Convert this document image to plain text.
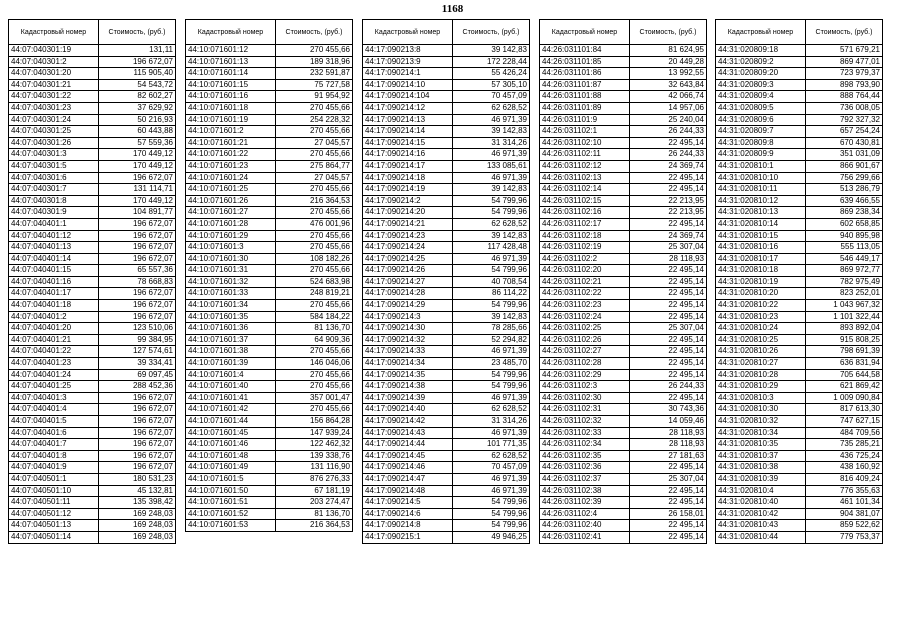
1168
Кадастровый номер	Стоимость, (руб.)
44:07:040301:19	131,11
44:07:040301:2	196 672,07
44:07:040301:20	115 905,40
44:07:040301:21	54 543,72
44:07:040301:22	82 602,27
44:07:040301:23	37 629,92
44:07:040301:24	50 216,93
44:07:040301:25	60 443,88
44:07:040301:26	57 559,36
44:07:040301:3	170 449,12
44:07:040301:5	170 449,12
44:07:040301:6	196 672,07
44:07:040301:7	131 114,71
44:07:040301:8	170 449,12
44:07:040301:9	104 891,77
44:07:040401:1	196 672,07
44:07:040401:12	196 672,07
44:07:040401:13	196 672,07
44:07:040401:14	196 672,07
44:07:040401:15	65 557,36
44:07:040401:16	78 668,83
44:07:040401:17	196 672,07
44:07:040401:18	196 672,07
44:07:040401:2	196 672,07
44:07:040401:20	123 510,06
44:07:040401:21	99 384,95
44:07:040401:22	127 574,61
44:07:040401:23	39 334,41
44:07:040401:24	69 097,45
44:07:040401:25	288 452,36
44:07:040401:3	196 672,07
44:07:040401:4	196 672,07
44:07:040401:5	196 672,07
44:07:040401:6	196 672,07
44:07:040401:7	196 672,07
44:07:040401:8	196 672,07
44:07:040401:9	196 672,07
44:07:040501:1	180 531,23
44:07:040501:10	45 132,81
44:07:040501:11	135 398,42
44:07:040501:12	169 248,03
44:07:040501:13	169 248,03
44:07:040501:14	169 248,03
Кадастровый номер	Стоимость, (руб.)
44:10:071601:12	270 455,66
44:10:071601:13	189 318,96
44:10:071601:14	232 591,87
44:10:071601:15	75 727,58
44:10:071601:16	91 954,92
44:10:071601:18	270 455,66
44:10:071601:19	254 228,32
44:10:071601:2	270 455,66
44:10:071601:21	27 045,57
44:10:071601:22	270 455,66
44:10:071601:23	275 864,77
44:10:071601:24	27 045,57
44:10:071601:25	270 455,66
44:10:071601:26	216 364,53
44:10:071601:27	270 455,66
44:10:071601:28	476 001,96
44:10:071601:29	270 455,66
44:10:071601:3	270 455,66
44:10:071601:30	108 182,26
44:10:071601:31	270 455,66
44:10:071601:32	524 683,98
44:10:071601:33	248 819,21
44:10:071601:34	270 455,66
44:10:071601:35	584 184,22
44:10:071601:36	81 136,70
44:10:071601:37	64 909,36
44:10:071601:38	270 455,66
44:10:071601:39	146 046,06
44:10:071601:4	270 455,66
44:10:071601:40	270 455,66
44:10:071601:41	357 001,47
44:10:071601:42	270 455,66
44:10:071601:44	156 864,28
44:10:071601:45	147 939,24
44:10:071601:46	122 462,32
44:10:071601:48	139 338,76
44:10:071601:49	131 116,90
44:10:071601:5	876 276,33
44:10:071601:50	67 181,19
44:10:071601:51	203 274,47
44:10:071601:52	81 136,70
44:10:071601:53	216 364,53
Кадастровый номер	Стоимость, (руб.)
44:17:090213:8	39 142,83
44:17:090213:9	172 228,44
44:17:090214:1	55 426,24
44:17:090214:10	57 305,10
44:17:090214:104	70 457,09
44:17:090214:12	62 628,52
44:17:090214:13	46 971,39
44:17:090214:14	39 142,83
44:17:090214:15	31 314,26
44:17:090214:16	46 971,39
44:17:090214:17	133 085,61
44:17:090214:18	46 971,39
44:17:090214:19	39 142,83
44:17:090214:2	54 799,96
44:17:090214:20	54 799,96
44:17:090214:21	62 628,52
44:17:090214:23	39 142,83
44:17:090214:24	117 428,48
44:17:090214:25	46 971,39
44:17:090214:26	54 799,96
44:17:090214:27	40 708,54
44:17:090214:28	86 114,22
44:17:090214:29	54 799,96
44:17:090214:3	39 142,83
44:17:090214:30	78 285,66
44:17:090214:32	52 294,82
44:17:090214:33	46 971,39
44:17:090214:34	23 485,70
44:17:090214:35	54 799,96
44:17:090214:38	54 799,96
44:17:090214:39	46 971,39
44:17:090214:40	62 628,52
44:17:090214:42	31 314,26
44:17:090214:43	46 971,39
44:17:090214:44	101 771,35
44:17:090214:45	62 628,52
44:17:090214:46	70 457,09
44:17:090214:47	46 971,39
44:17:090214:48	46 971,39
44:17:090214:5	54 799,96
44:17:090214:6	54 799,96
44:17:090214:8	54 799,96
44:17:090215:1	49 946,25
Кадастровый номер	Стоимость, (руб.)
44:26:031101:84	81 624,95
44:26:031101:85	20 449,28
44:26:031101:86	13 992,55
44:26:031101:87	32 643,84
44:26:031101:88	42 066,74
44:26:031101:89	14 957,06
44:26:031101:9	25 240,04
44:26:031102:1	26 244,33
44:26:031102:10	22 495,14
44:26:031102:11	26 244,33
44:26:031102:12	24 369,74
44:26:031102:13	22 495,14
44:26:031102:14	22 495,14
44:26:031102:15	22 213,95
44:26:031102:16	22 213,95
44:26:031102:17	22 495,14
44:26:031102:18	24 369,74
44:26:031102:19	25 307,04
44:26:031102:2	28 118,93
44:26:031102:20	22 495,14
44:26:031102:21	22 495,14
44:26:031102:22	22 495,14
44:26:031102:23	22 495,14
44:26:031102:24	22 495,14
44:26:031102:25	25 307,04
44:26:031102:26	22 495,14
44:26:031102:27	22 495,14
44:26:031102:28	22 495,14
44:26:031102:29	22 495,14
44:26:031102:3	26 244,33
44:26:031102:30	22 495,14
44:26:031102:31	30 743,36
44:26:031102:32	14 059,46
44:26:031102:33	28 118,93
44:26:031102:34	28 118,93
44:26:031102:35	27 181,63
44:26:031102:36	22 495,14
44:26:031102:37	25 307,04
44:26:031102:38	22 495,14
44:26:031102:39	22 495,14
44:26:031102:4	26 158,01
44:26:031102:40	22 495,14
44:26:031102:41	22 495,14
Кадастровый номер	Стоимость, (руб.)
44:31:020809:18	571 679,21
44:31:020809:2	869 477,01
44:31:020809:20	723 979,37
44:31:020809:3	898 793,90
44:31:020809:4	888 764,44
44:31:020809:5	736 008,05
44:31:020809:6	792 327,32
44:31:020809:7	657 254,24
44:31:020809:8	670 430,81
44:31:020809:9	351 031,09
44:31:020810:1	866 901,67
44:31:020810:10	756 299,66
44:31:020810:11	513 286,79
44:31:020810:12	639 466,55
44:31:020810:13	869 238,34
44:31:020810:14	602 658,85
44:31:020810:15	940 895,98
44:31:020810:16	555 113,05
44:31:020810:17	546 449,17
44:31:020810:18	869 972,77
44:31:020810:19	782 975,49
44:31:020810:20	823 252,01
44:31:020810:22	1 043 967,32
44:31:020810:23	1 101 322,44
44:31:020810:24	893 892,04
44:31:020810:25	915 808,25
44:31:020810:26	798 691,39
44:31:020810:27	636 831,94
44:31:020810:28	705 644,58
44:31:020810:29	621 869,42
44:31:020810:3	1 009 090,84
44:31:020810:30	817 613,30
44:31:020810:32	747 627,15
44:31:020810:34	484 709,56
44:31:020810:35	735 285,21
44:31:020810:37	436 725,24
44:31:020810:38	438 160,92
44:31:020810:39	816 409,24
44:31:020810:4	776 355,63
44:31:020810:40	461 101,34
44:31:020810:42	904 381,07
44:31:020810:43	859 522,62
44:31:020810:44	779 753,37
